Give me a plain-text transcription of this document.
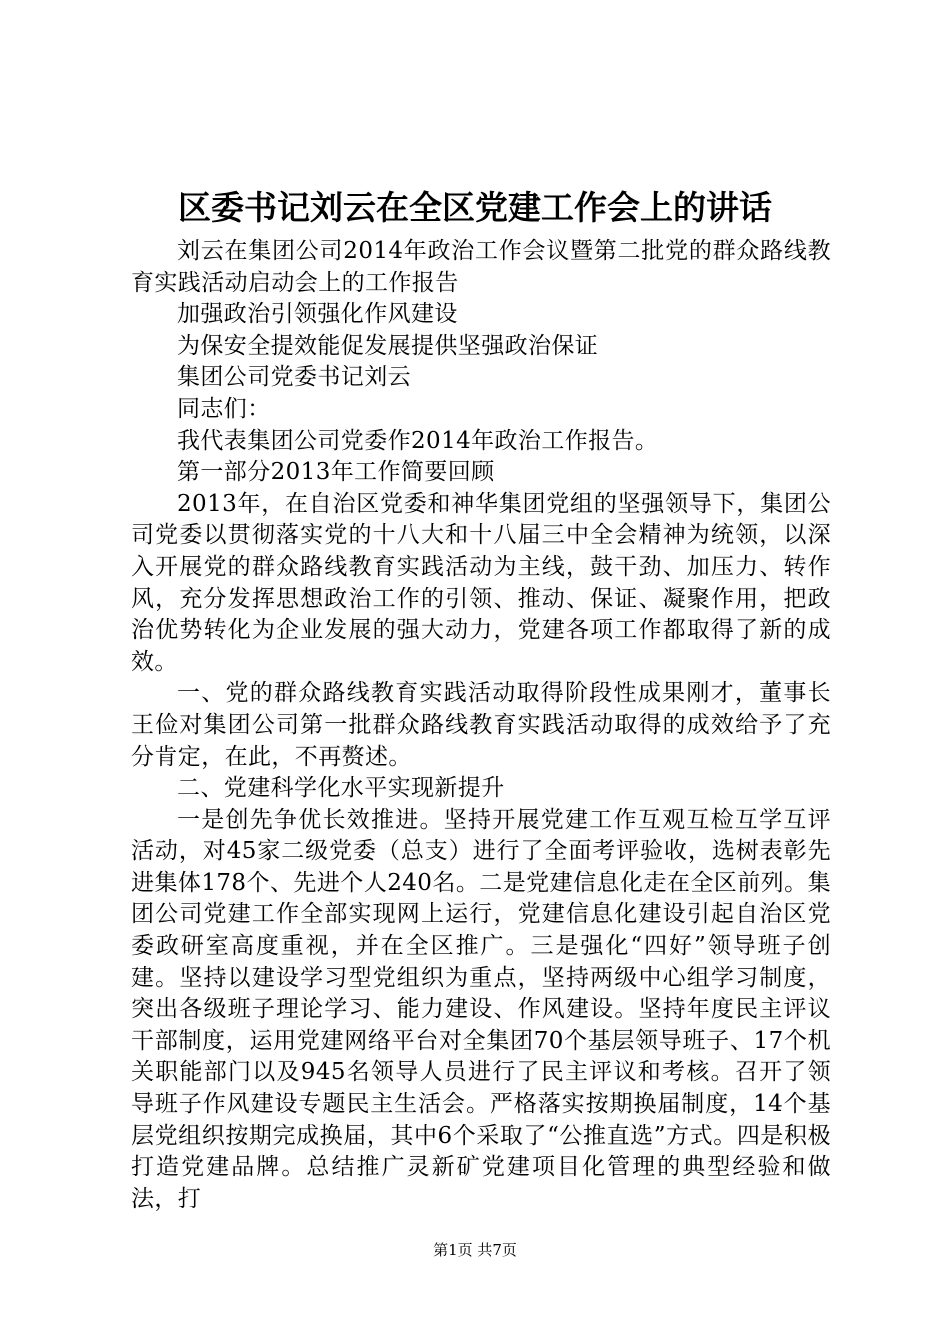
区委书记刘云在全区党建工作会上的讲话

刘云在集团公司2014年政治工作会议暨第二批党的群众路线教育实践活动启动会上的工作报告

加强政治引领强化作风建设

为保安全提效能促发展提供坚强政治保证

集团公司党委书记刘云

同志们：

我代表集团公司党委作2014年政治工作报告。

第一部分2013年工作简要回顾

2013年，在自治区党委和神华集团党组的坚强领导下，集团公司党委以贯彻落实党的十八大和十八届三中全会精神为统领，以深入开展党的群众路线教育实践活动为主线，鼓干劲、加压力、转作风，充分发挥思想政治工作的引领、推动、保证、凝聚作用，把政治优势转化为企业发展的强大动力，党建各项工作都取得了新的成效。

一、党的群众路线教育实践活动取得阶段性成果刚才，董事长王俭对集团公司第一批群众路线教育实践活动取得的成效给予了充分肯定，在此，不再赘述。

二、党建科学化水平实现新提升

一是创先争优长效推进。坚持开展党建工作互观互检互学互评活动，对45家二级党委（总支）进行了全面考评验收，选树表彰先进集体178个、先进个人240名。二是党建信息化走在全区前列。集团公司党建工作全部实现网上运行，党建信息化建设引起自治区党委政研室高度重视，并在全区推广。三是强化“四好”领导班子创建。坚持以建设学习型党组织为重点，坚持两级中心组学习制度，突出各级班子理论学习、能力建设、作风建设。坚持年度民主评议干部制度，运用党建网络平台对全集团70个基层领导班子、17个机关职能部门以及945名领导人员进行了民主评议和考核。召开了领导班子作风建设专题民主生活会。严格落实按期换届制度，14个基层党组织按期完成换届，其中6个采取了“公推直选”方式。四是积极打造党建品牌。总结推广灵新矿党建项目化管理的典型经验和做法，打

第1页 共7页
